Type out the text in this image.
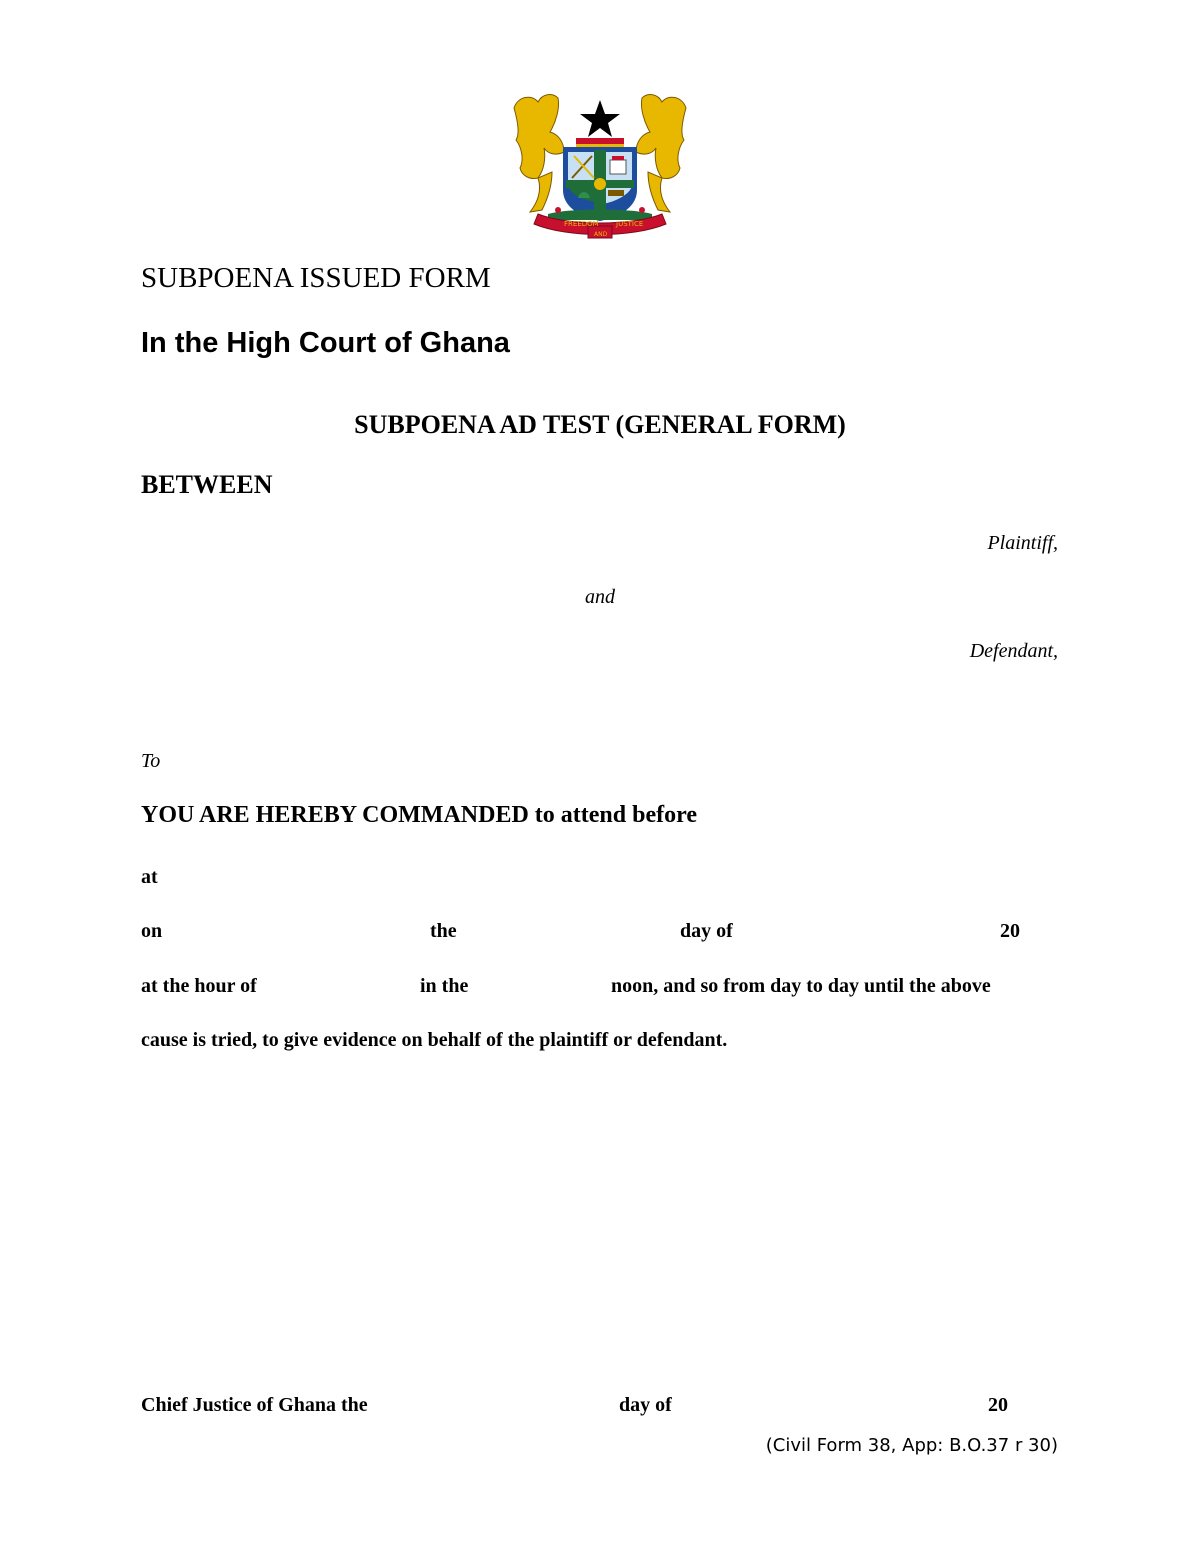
FREEDOM
AND
JUSTICE
SUBPOENA ISSUED FORM
In the High Court of Ghana
SUBPOENA AD TEST (GENERAL FORM)
BETWEEN
Plaintiff,
and
Defendant,
To
YOU ARE HEREBY COMMANDED to attend before
at
on	the	day of	20
at the hour of	in the	noon, and so from day to day until the above
cause is tried, to give evidence on behalf of the plaintiff or defendant.
Chief Justice of Ghana the	day of	20
(Civil Form 38, App: B.O.37 r 30)
